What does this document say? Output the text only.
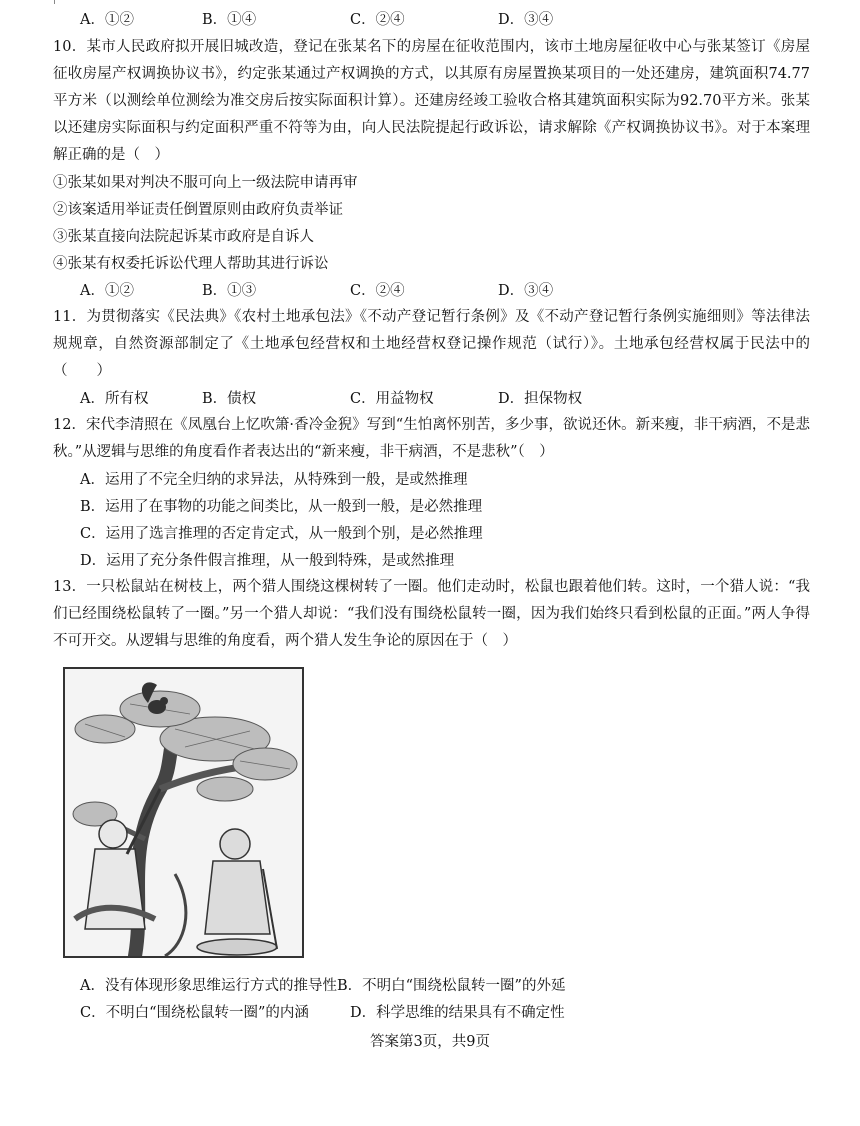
A．①②	B．①④	C．②④	D．③④
10．某市人民政府拟开展旧城改造，登记在张某名下的房屋在征收范围内，该市土地房屋征收中心与张某签订《房屋征收房屋产权调换协议书》，约定张某通过产权调换的方式，以其原有房屋置换某项目的一处还建房，建筑面积74.77平方米（以测绘单位测绘为准交房后按实际面积计算）。还建房经竣工验收合格其建筑面积实际为92.70平方米。张某以还建房实际面积与约定面积严重不符等为由，向人民法院提起行政诉讼，请求解除《产权调换协议书》。对于本案理解正确的是（　）
①张某如果对判决不服可向上一级法院申请再审
②该案适用举证责任倒置原则由政府负责举证
③张某直接向法院起诉某市政府是自诉人
④张某有权委托诉讼代理人帮助其进行诉讼
A．①②	B．①③	C．②④	D．③④
11．为贯彻落实《民法典》《农村土地承包法》《不动产登记暂行条例》及《不动产登记暂行条例实施细则》等法律法规规章，自然资源部制定了《土地承包经营权和土地经营权登记操作规范（试行）》。土地承包经营权属于民法中的（　　）
A．所有权	B．债权	C．用益物权	D．担保物权
12．宋代李清照在《凤凰台上忆吹箫·香冷金猊》写到“生怕离怀别苦，多少事，欲说还休。新来瘦，非干病酒，不是悲秋。”从逻辑与思维的角度看作者表达出的“新来瘦，非干病酒，不是悲秋”（　）
A．运用了不完全归纳的求异法，从特殊到一般，是或然推理
B．运用了在事物的功能之间类比，从一般到一般，是必然推理
C．运用了选言推理的否定肯定式，从一般到个别，是必然推理
D．运用了充分条件假言推理，从一般到特殊，是或然推理
13．一只松鼠站在树枝上，两个猎人围绕这棵树转了一圈。他们走动时，松鼠也跟着他们转。这时，一个猎人说：“我们已经围绕松鼠转了一圈。”另一个猎人却说：“我们没有围绕松鼠转一圈，因为我们始终只看到松鼠的正面。”两人争得不可开交。从逻辑与思维的角度看，两个猎人发生争论的原因在于（　）
A．没有体现形象思维运行方式的推导性B．不明白“围绕松鼠转一圈”的外延
C．不明白“围绕松鼠转一圈”的内涵	D．科学思维的结果具有不确定性
答案第3页，共9页
